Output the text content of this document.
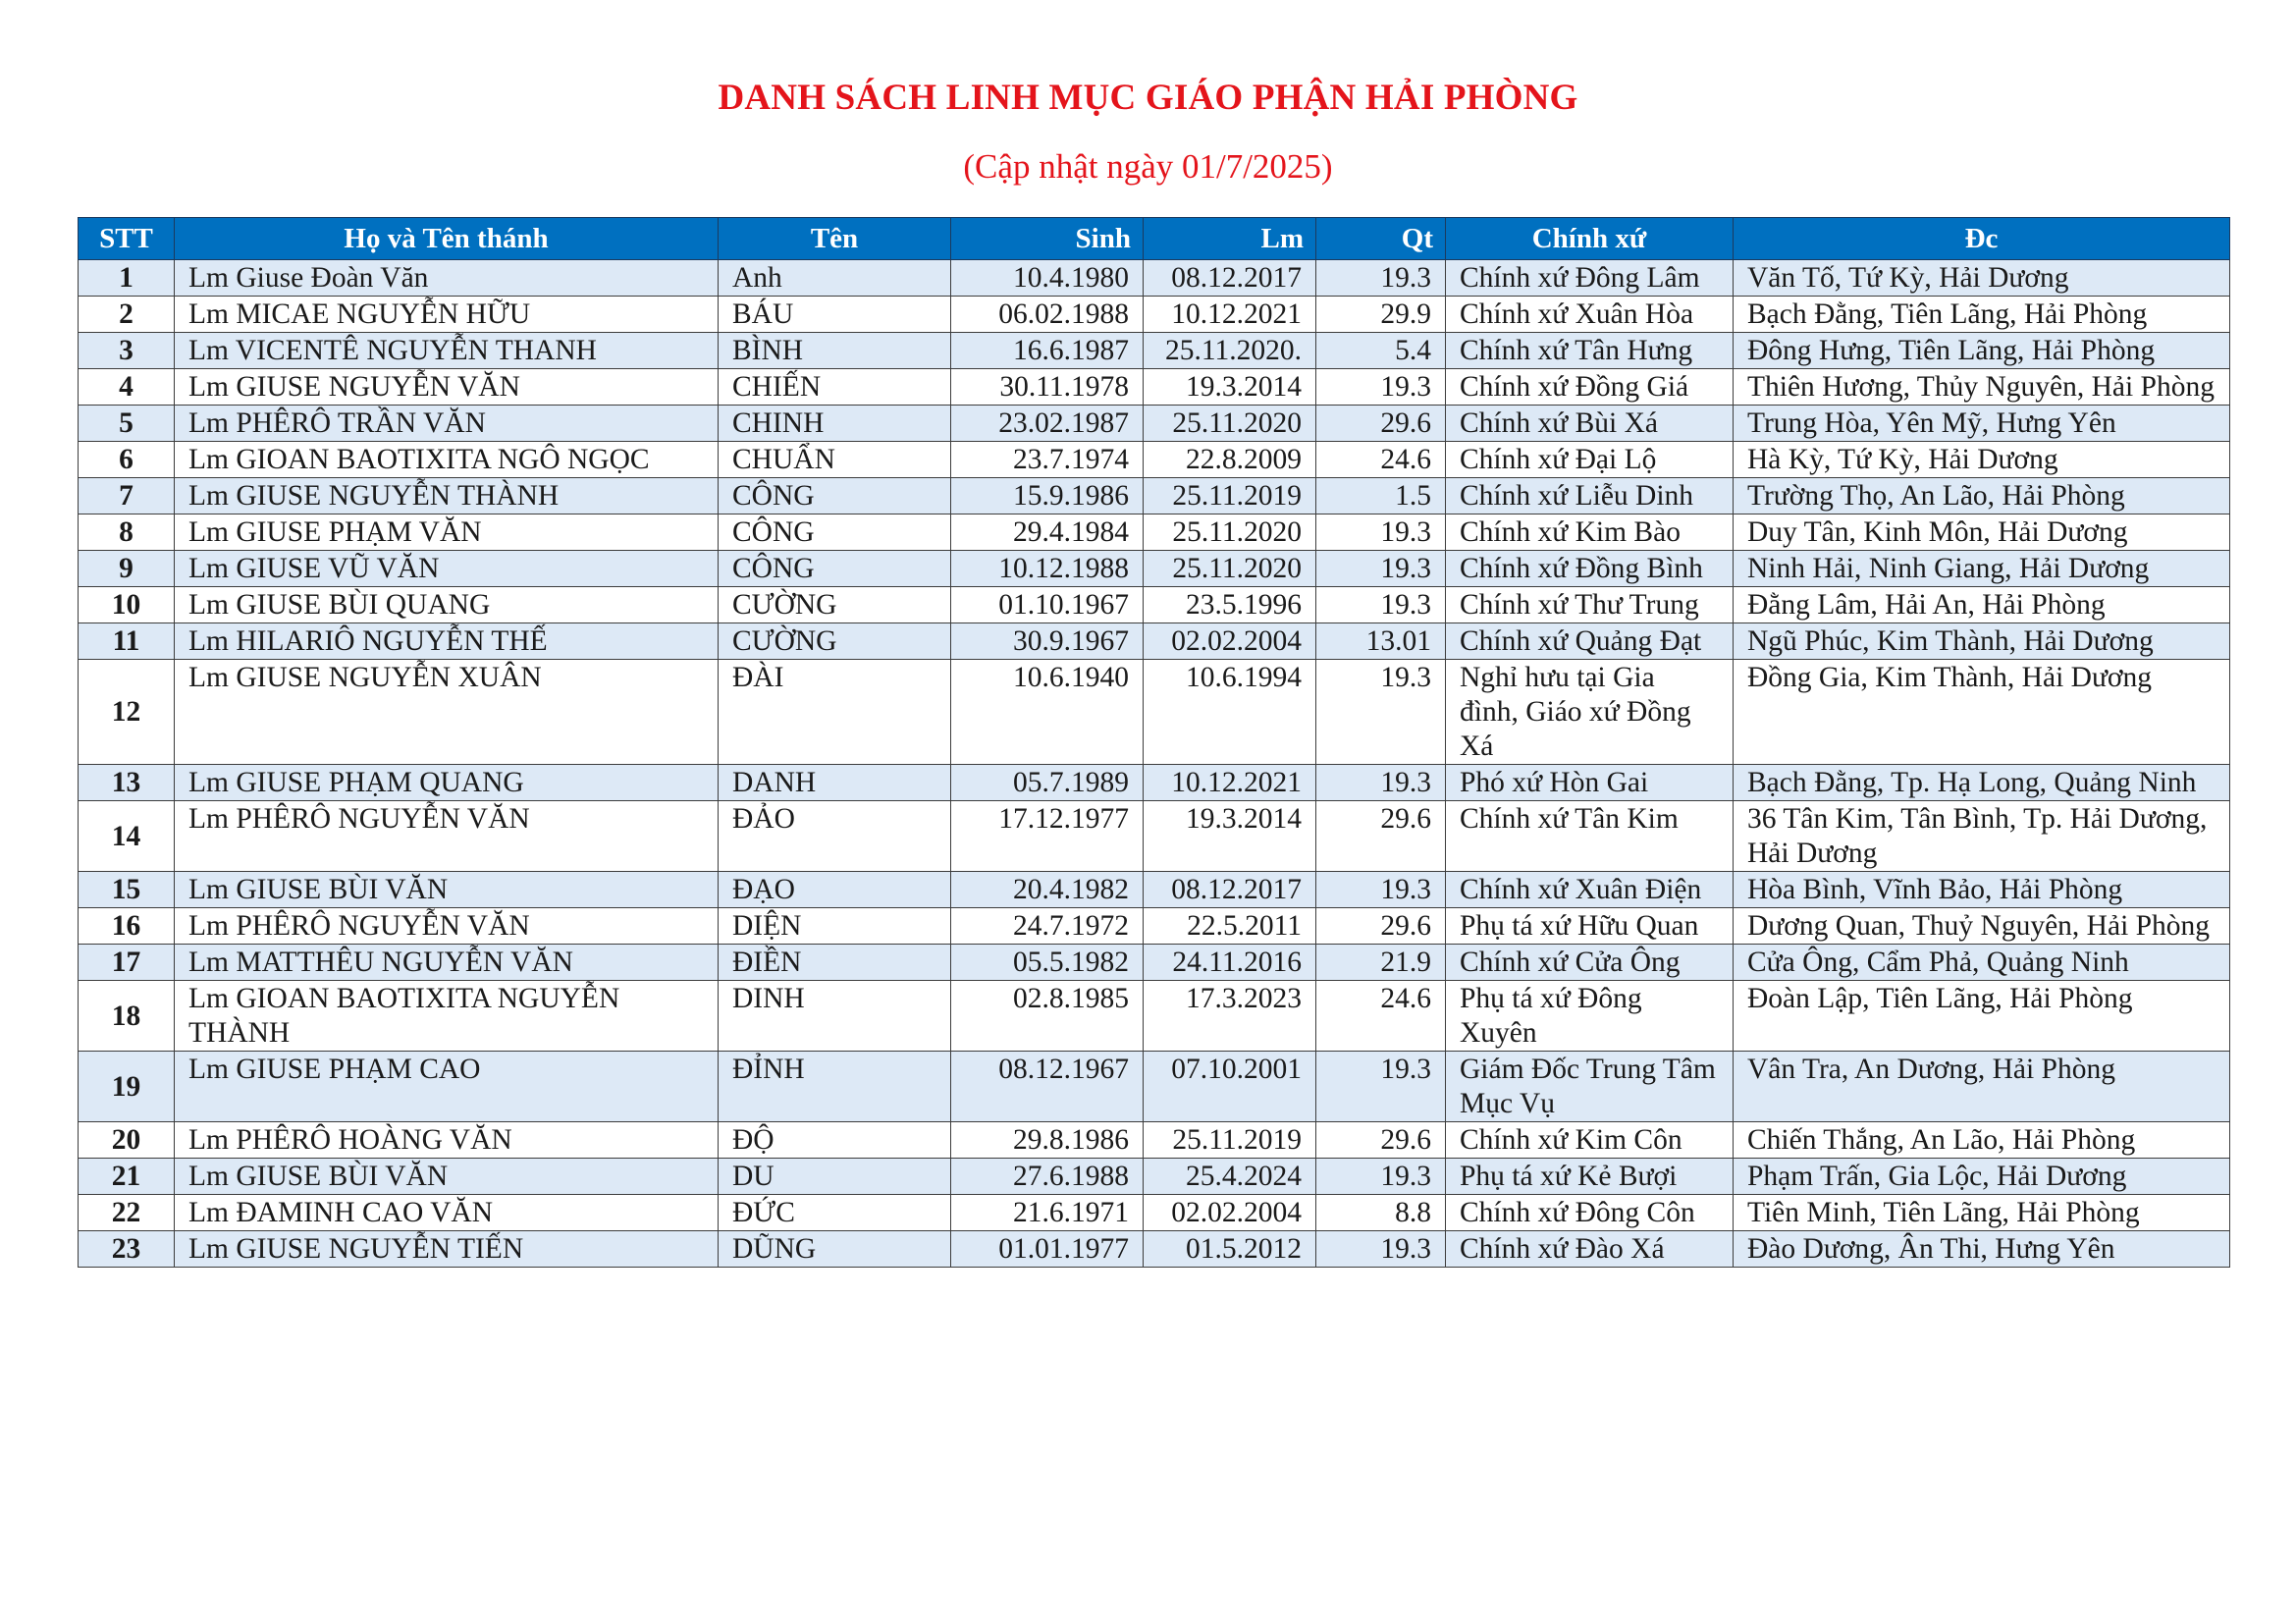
DANH SÁCH LINH MỤC GIÁO PHẬN HẢI PHÒNG
(Cập nhật ngày 01/7/2025)
STT	Họ và Tên thánh	Tên	Sinh	Lm	Qt	Chính xứ	Đc
1	Lm Giuse Đoàn Văn	Anh	10.4.1980	08.12.2017	19.3	Chính xứ Đông Lâm	Văn Tố, Tứ Kỳ, Hải Dương
2	Lm MICAE NGUYỄN HỮU	BÁU	06.02.1988	10.12.2021	29.9	Chính xứ Xuân Hòa	Bạch Đằng, Tiên Lãng, Hải Phòng
3	Lm VICENTÊ NGUYỄN THANH	BÌNH	16.6.1987	25.11.2020.	5.4	Chính xứ Tân Hưng	Đông Hưng, Tiên Lãng, Hải Phòng
4	Lm GIUSE NGUYỄN VĂN	CHIẾN	30.11.1978	19.3.2014	19.3	Chính xứ Đồng Giá	Thiên Hương, Thủy Nguyên, Hải Phòng
5	Lm PHÊRÔ TRẦN VĂN	CHINH	23.02.1987	25.11.2020	29.6	Chính xứ Bùi Xá	Trung Hòa, Yên Mỹ, Hưng Yên
6	Lm GIOAN BAOTIXITA NGÔ NGỌC	CHUẨN	23.7.1974	22.8.2009	24.6	Chính xứ Đại Lộ	Hà Kỳ, Tứ Kỳ, Hải Dương
7	Lm GIUSE NGUYỄN THÀNH	CÔNG	15.9.1986	25.11.2019	1.5	Chính xứ Liễu Dinh	Trường Thọ, An Lão, Hải Phòng
8	Lm GIUSE PHẠM VĂN	CÔNG	29.4.1984	25.11.2020	19.3	Chính xứ Kim Bào	Duy Tân, Kinh Môn, Hải Dương
9	Lm GIUSE VŨ VĂN	CÔNG	10.12.1988	25.11.2020	19.3	Chính xứ Đồng Bình	Ninh Hải, Ninh Giang, Hải Dương
10	Lm GIUSE BÙI QUANG	CƯỜNG	01.10.1967	23.5.1996	19.3	Chính xứ Thư Trung	Đằng Lâm, Hải An, Hải Phòng
11	Lm HILARIÔ NGUYỄN THẾ	CƯỜNG	30.9.1967	02.02.2004	13.01	Chính xứ Quảng Đạt	Ngũ Phúc, Kim Thành, Hải Dương
12	Lm GIUSE NGUYỄN XUÂN	ĐÀI	10.6.1940	10.6.1994	19.3	Nghỉ hưu tại Gia đình, Giáo xứ Đồng Xá	Đồng Gia, Kim Thành, Hải Dương
13	Lm GIUSE PHẠM QUANG	DANH	05.7.1989	10.12.2021	19.3	Phó xứ Hòn Gai	Bạch Đằng, Tp. Hạ Long, Quảng Ninh
14	Lm PHÊRÔ NGUYỄN VĂN	ĐẢO	17.12.1977	19.3.2014	29.6	Chính xứ Tân Kim	36 Tân Kim, Tân Bình, Tp. Hải Dương, Hải Dương
15	Lm GIUSE BÙI VĂN	ĐẠO	20.4.1982	08.12.2017	19.3	Chính xứ Xuân Điện	Hòa Bình, Vĩnh Bảo, Hải Phòng
16	Lm PHÊRÔ NGUYỄN VĂN	DIỆN	24.7.1972	22.5.2011	29.6	Phụ tá xứ Hữu Quan	Dương Quan, Thuỷ Nguyên, Hải Phòng
17	Lm MATTHÊU NGUYỄN VĂN	ĐIỀN	05.5.1982	24.11.2016	21.9	Chính xứ Cửa Ông	Cửa Ông, Cẩm Phả, Quảng Ninh
18	Lm GIOAN BAOTIXITA NGUYỄN THÀNH	DINH	02.8.1985	17.3.2023	24.6	Phụ tá xứ Đông Xuyên	Đoàn Lập, Tiên Lãng, Hải Phòng
19	Lm GIUSE PHẠM CAO	ĐỈNH	08.12.1967	07.10.2001	19.3	Giám Đốc Trung Tâm Mục Vụ	Vân Tra, An Dương, Hải Phòng
20	Lm PHÊRÔ HOÀNG VĂN	ĐỘ	29.8.1986	25.11.2019	29.6	Chính xứ Kim Côn	Chiến Thắng, An Lão, Hải Phòng
21	Lm GIUSE BÙI VĂN	DU	27.6.1988	25.4.2024	19.3	Phụ tá xứ Kẻ Bượi	Phạm Trấn, Gia Lộc, Hải Dương
22	Lm ĐAMINH CAO VĂN	ĐỨC	21.6.1971	02.02.2004	8.8	Chính xứ Đông Côn	Tiên Minh, Tiên Lãng, Hải Phòng
23	Lm GIUSE NGUYỄN TIẾN	DŨNG	01.01.1977	01.5.2012	19.3	Chính xứ Đào Xá	Đào Dương, Ân Thi, Hưng Yên
